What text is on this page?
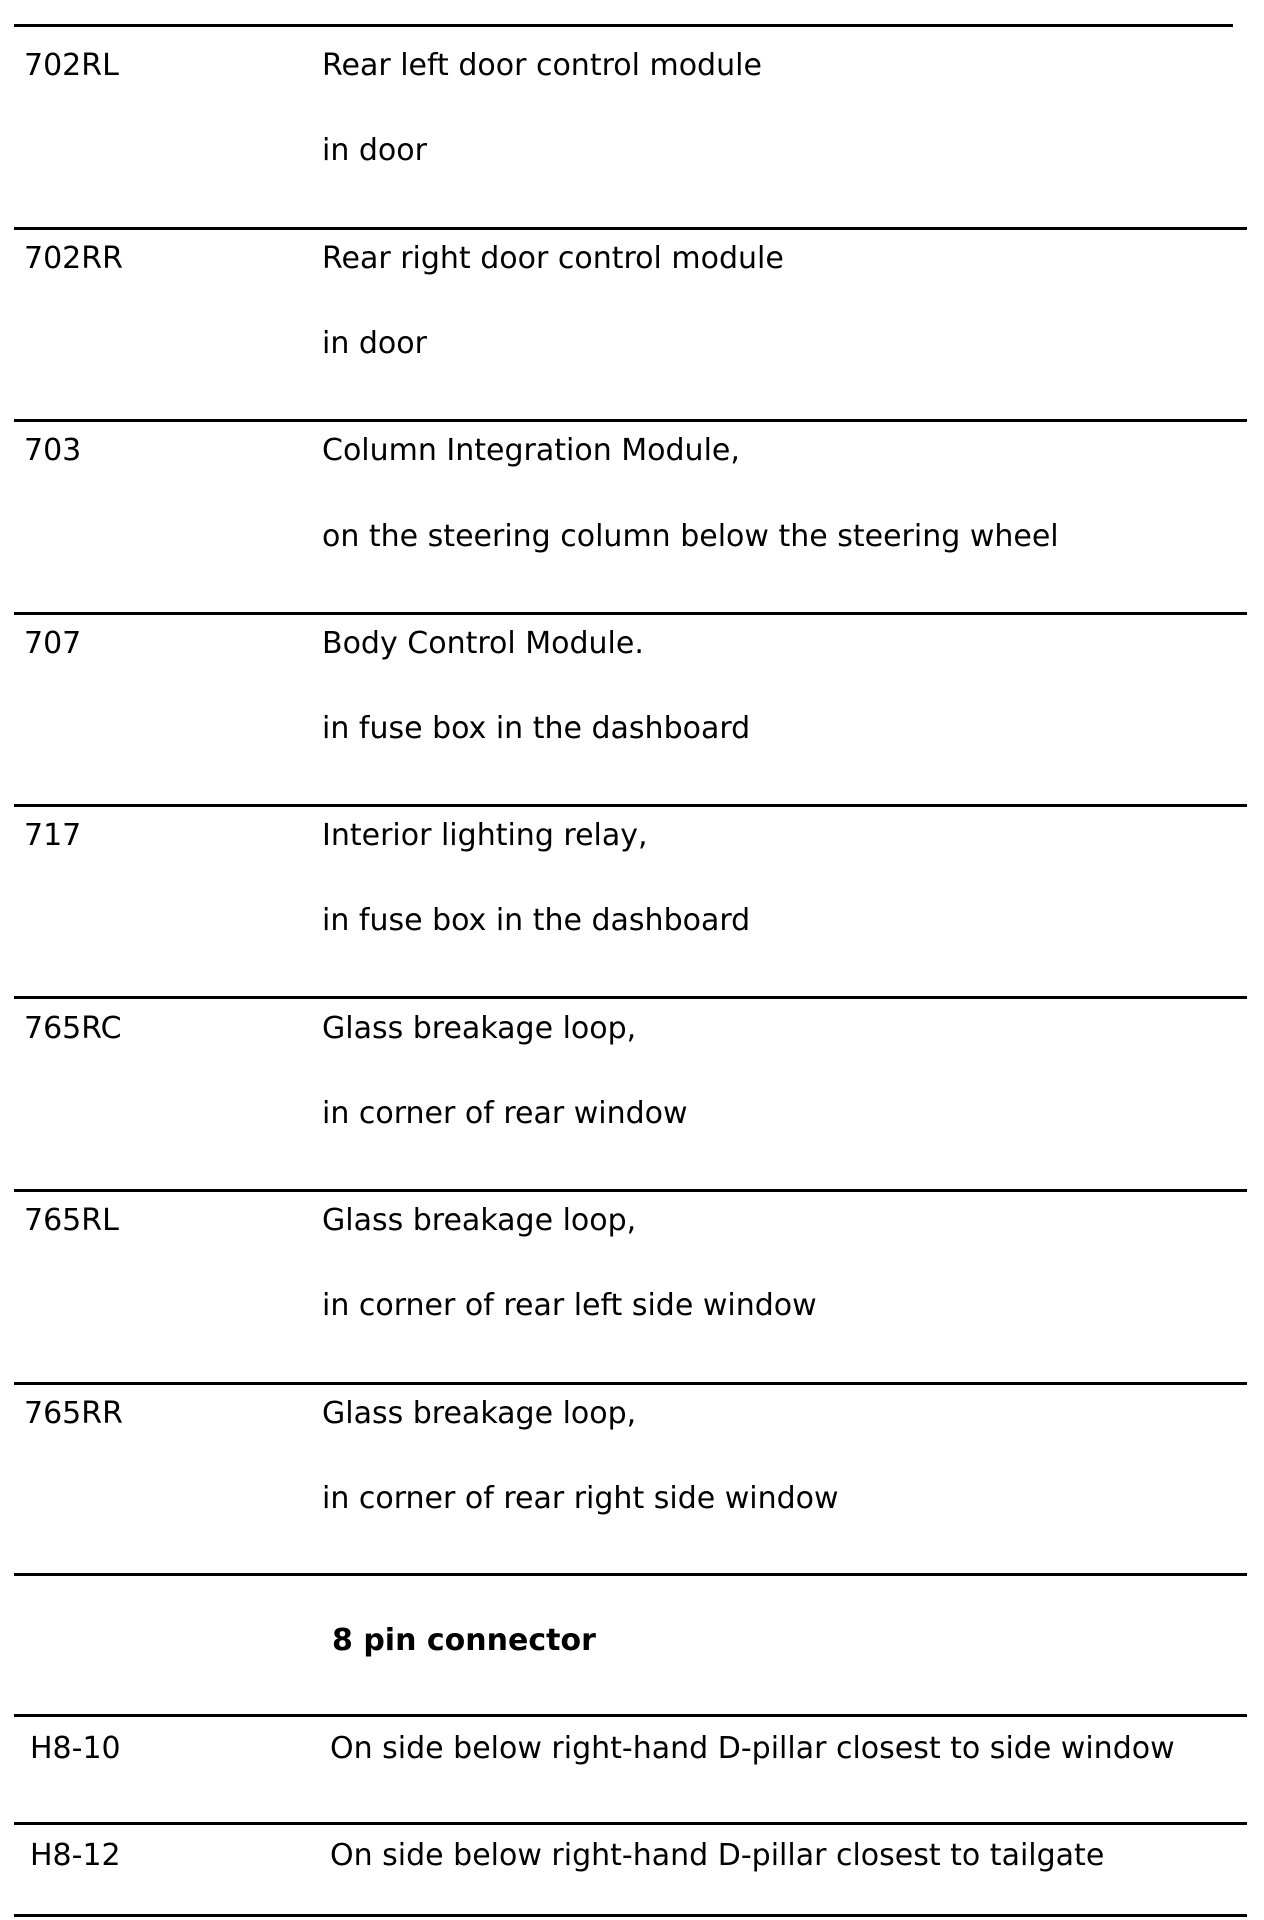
702RL	Rear left door control module
in door
702RR	Rear right door control module
in door
703	Column Integration Module,
on the steering column below the steering wheel
707	Body Control Module.
in fuse box in the dashboard
717	Interior lighting relay,
in fuse box in the dashboard
765RC	Glass breakage loop,
in corner of rear window
765RL	Glass breakage loop,
in corner of rear left side window
765RR	Glass breakage loop,
in corner of rear right side window
8 pin connector
H8-10	On side below right-hand D-pillar closest to side window
H8-12	On side below right-hand D-pillar closest to tailgate
